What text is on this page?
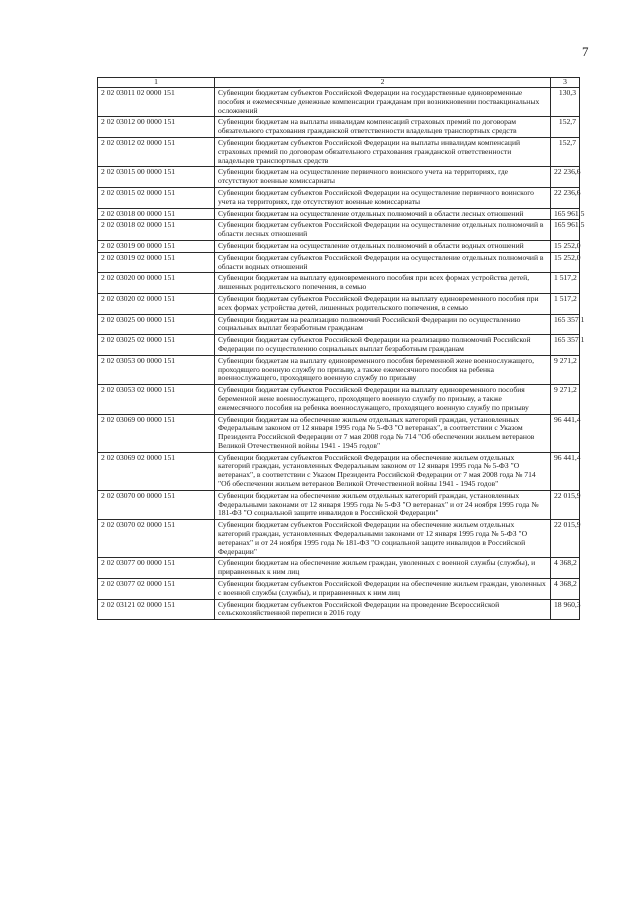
7
1	2	3
2 02 03011 02 0000 151	Субвенции бюджетам субъектов Российской Федерации на государственные единовременные пособия и ежемесячные денежные компенсации гражданам при возникновении поствакцинальных осложнений	130,3
2 02 03012 00 0000 151	Субвенции бюджетам на выплаты инвалидам компенсаций страховых премий по договорам обязательного страхования гражданской ответственности владельцев транспортных средств	152,7
2 02 03012 02 0000 151	Субвенции бюджетам субъектов Российской Федерации на выплаты инвалидам компенсаций страховых премий по договорам обязательного страхования гражданской ответственности владельцев транспортных средств	152,7
2 02 03015 00 0000 151	Субвенции бюджетам на осуществление первичного воинского учета на территориях, где отсутствуют военные комиссариаты	22 236,6
2 02 03015 02 0000 151	Субвенции бюджетам субъектов Российской Федерации на осуществление первичного воинского учета на территориях, где отсутствуют военные комиссариаты	22 236,6
2 02 03018 00 0000 151	Субвенции бюджетам на осуществление отдельных полномочий в области лесных отношений	165 961,5
2 02 03018 02 0000 151	Субвенции бюджетам субъектов Российской Федерации на осуществление отдельных полномочий в области лесных отношений	165 961,5
2 02 03019 00 0000 151	Субвенции бюджетам на осуществление отдельных полномочий в области водных отношений	15 252,0
2 02 03019 02 0000 151	Субвенции бюджетам субъектов Российской Федерации на осуществление отдельных полномочий в области водных отношений	15 252,0
2 02 03020 00 0000 151	Субвенции бюджетам на выплату единовременного пособия при всех формах устройства детей, лишенных родительского попечения, в семью	1 517,2
2 02 03020 02 0000 151	Субвенции бюджетам субъектов Российской Федерации на выплату единовременного пособия при всех формах устройства детей, лишенных родительского попечения, в семью	1 517,2
2 02 03025 00 0000 151	Субвенции бюджетам на реализацию полномочий Российской Федерации по осуществлению социальных выплат безработным гражданам	165 357,1
2 02 03025 02 0000 151	Субвенции бюджетам субъектов Российской Федерации на реализацию полномочий Российской Федерации по осуществлению социальных выплат безработным гражданам	165 357,1
2 02 03053 00 0000 151	Субвенции бюджетам на выплату единовременного пособия беременной жене военнослужащего, проходящего военную службу по призыву, а также ежемесячного пособия на ребенка военнослужащего, проходящего военную службу по призыву	9 271,2
2 02 03053 02 0000 151	Субвенции бюджетам субъектов Российской Федерации на выплату единовременного пособия беременной жене военнослужащего, проходящего военную службу по призыву, а также ежемесячного пособия на ребенка военнослужащего, проходящего военную службу по призыву	9 271,2
2 02 03069 00 0000 151	Субвенции бюджетам на обеспечение жильем отдельных категорий граждан, установленных Федеральным законом от 12 января 1995 года № 5-ФЗ "О ветеранах", в соответствии с Указом Президента Российской Федерации от 7 мая 2008 года № 714 "Об обеспечении жильем ветеранов Великой Отечественной войны 1941 - 1945 годов"	96 441,4
2 02 03069 02 0000 151	Субвенции бюджетам субъектов Российской Федерации на обеспечение жильем отдельных категорий граждан, установленных Федеральным законом от 12 января 1995 года № 5-ФЗ "О ветеранах", в соответствии с Указом Президента Российской Федерации от 7 мая 2008 года № 714 "Об обеспечении жильем ветеранов Великой Отечественной войны 1941 - 1945 годов"	96 441,4
2 02 03070 00 0000 151	Субвенции бюджетам на обеспечение жильем отдельных категорий граждан, установленных Федеральными законами от 12 января 1995 года № 5-ФЗ "О ветеранах" и от 24 ноября 1995 года № 181-ФЗ "О социальной защите инвалидов в Российской Федерации"	22 015,9
2 02 03070 02 0000 151	Субвенции бюджетам субъектов Российской Федерации на обеспечение жильем отдельных категорий граждан, установленных Федеральными законами от 12 января 1995 года № 5-ФЗ "О ветеранах" и от 24 ноября 1995 года № 181-ФЗ "О социальной защите инвалидов в Российской Федерации"	22 015,9
2 02 03077 00 0000 151	Субвенции бюджетам на обеспечение жильем граждан, уволенных с военной службы (службы), и приравненных к ним лиц	4 368,2
2 02 03077 02 0000 151	Субвенции бюджетам субъектов Российской Федерации на обеспечение жильем граждан, уволенных с военной службы (службы), и приравненных к ним лиц	4 368,2
2 02 03121 02 0000 151	Субвенции бюджетам субъектов Российской Федерации на проведение Всероссийской сельскохозяйственной переписи в 2016 году	18 960,3
